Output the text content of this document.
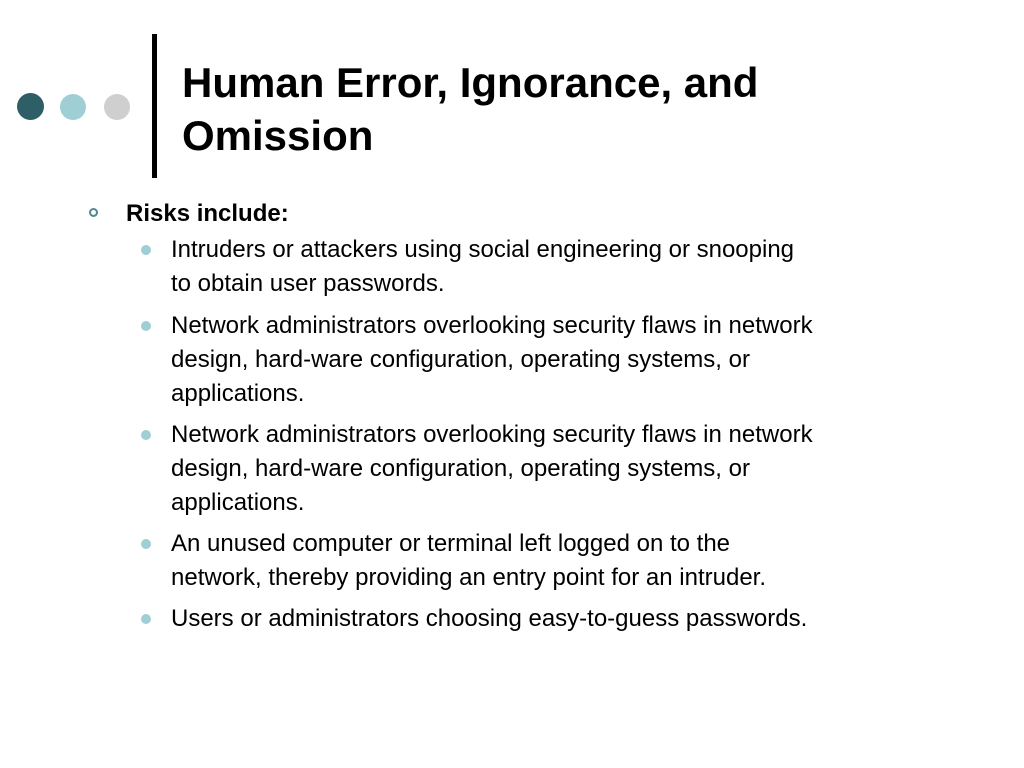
Human Error, Ignorance, and
Omission
Risks include:
Intruders or attackers using social engineering or snooping
to obtain user passwords.
Network administrators overlooking security flaws in network
design, hard-ware configuration, operating systems, or
applications.
Network administrators overlooking security flaws in network
design, hard-ware configuration, operating systems, or
applications.
An unused computer or terminal left logged on to the
network, thereby providing an entry point for an intruder.
Users or administrators choosing easy-to-guess passwords.
